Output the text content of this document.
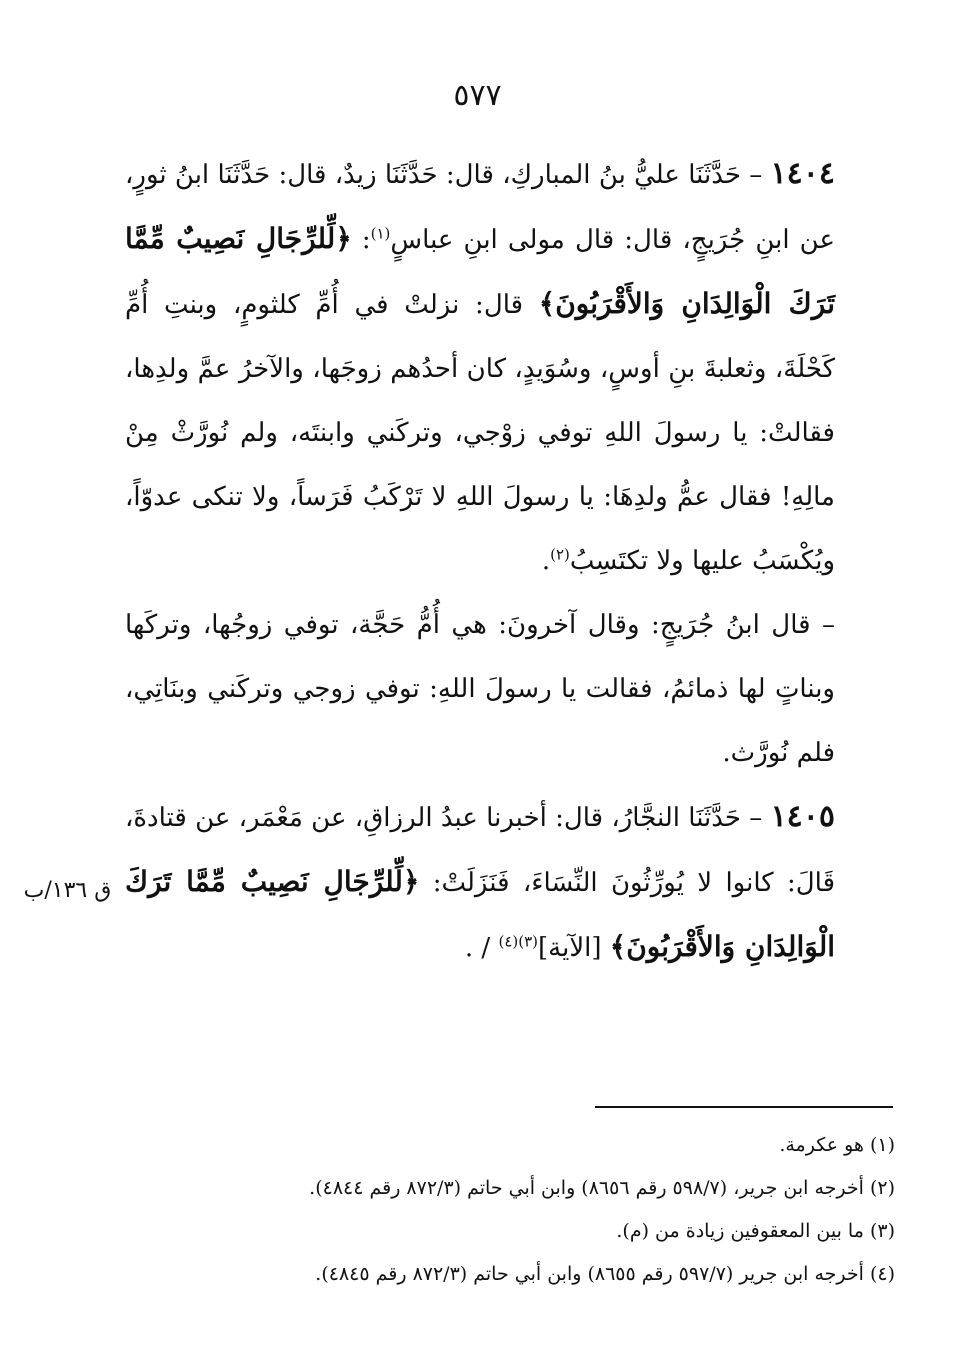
٥٧٧

١٤٠٤ – حَدَّثَنَا عليُّ بنُ المباركِ، قال: حَدَّثَنَا زيدٌ، قال: حَدَّثَنَا ابنُ ثورٍ، عن ابنِ جُرَيجٍ، قال: قال مولى ابنِ عباسٍ$^{(١)}$: ﴿لِّلرِّجَالِ نَصِيبٌ مِّمَّا تَرَكَ الْوَالِدَانِ وَالأَقْرَبُونَ﴾ قال: نزلتْ في أُمِّ كلثومٍ، وبنتِ أُمِّ كَحْلَةَ، وثعلبةَ بنِ أوسٍ، وسُوَيدٍ، كان أحدُهم زوجَها، والآخرُ عمَّ ولدِها، فقالتْ: يا رسولَ اللهِ توفي زوْجي، وتركَني وابنتَه، ولم نُورَّثْ مِنْ مالِهِ! فقال عمُّ ولدِهَا: يا رسولَ اللهِ لا تَرْكَبُ فَرَساً، ولا تنكى عدوّاً، ويُكْسَبُ عليها ولا تكتَسِبُ$^{(٢)}$.

– قال ابنُ جُرَيجٍ: وقال آخرونَ: هي أُمُّ حَجَّة، توفي زوجُها، وتركَها وبناتٍ لها ذمائمُ، فقالت يا رسولَ اللهِ: توفي زوجي وتركَني وبنَاتِي، فلم نُورَّث.

١٤٠٥ – حَدَّثَنَا النجَّارُ، قال: أخبرنا عبدُ الرزاقِ، عن مَعْمَر، عن قتادةَ، قَالَ: كانوا لا يُورِّثُونَ النِّسَاءَ، فَنَزَلَتْ: ﴿لِّلرِّجَالِ نَصِيبٌ مِّمَّا تَرَكَ الْوَالِدَانِ وَالأَقْرَبُونَ﴾ [الآية]$^{(٣)(٤)}$ / .

ق ١٣٦/ب

(١) هو عكرمة.

(٢) أخرجه ابن جرير، (٥٩٨/٧ رقم ٨٦٥٦) وابن أبي حاتم (٨٧٢/٣ رقم ٤٨٤٤).

(٣) ما بين المعقوفين زيادة من (م).

(٤) أخرجه ابن جرير (٥٩٧/٧ رقم ٨٦٥٥) وابن أبي حاتم (٨٧٢/٣ رقم ٤٨٤٥).
